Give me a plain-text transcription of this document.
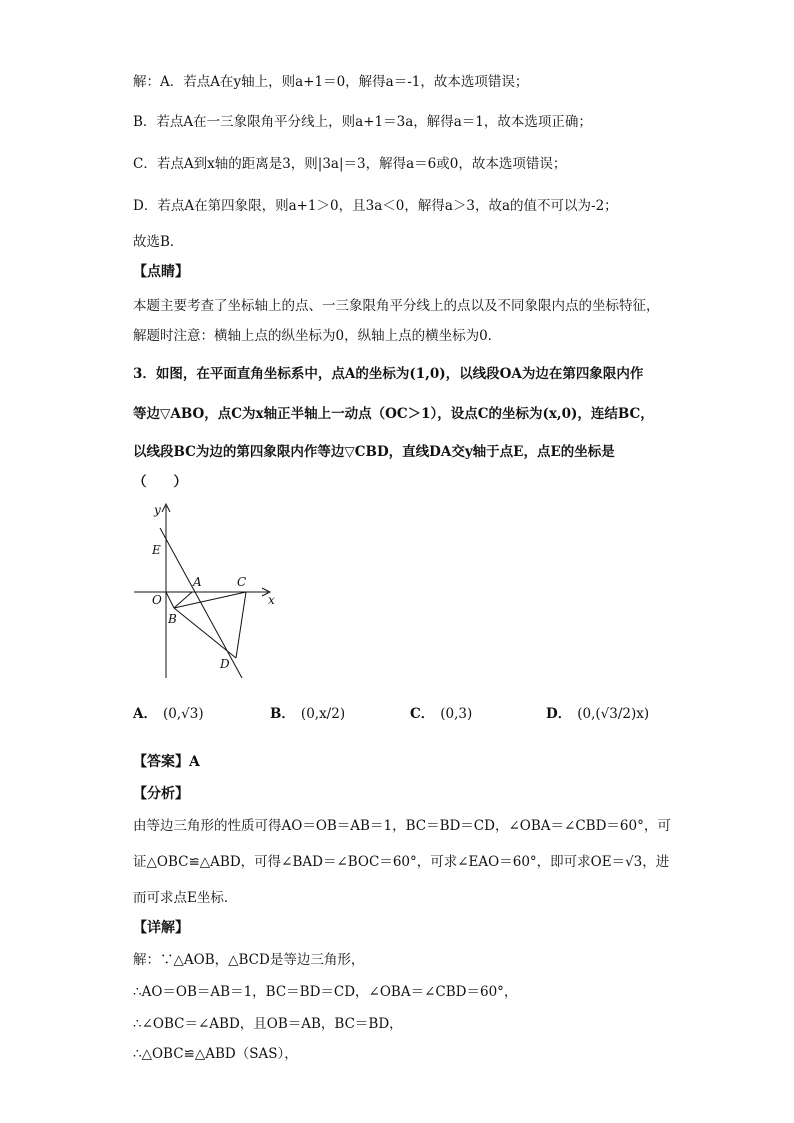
解：A．若点A在y轴上，则a+1＝0，解得a＝-1，故本选项错误；
B．若点A在一三象限角平分线上，则a+1＝3a，解得a＝1，故本选项正确；
C．若点A到x轴的距离是3，则|3a|＝3，解得a＝6或0，故本选项错误；
D．若点A在第四象限，则a+1＞0，且3a＜0，解得a＞3，故a的值不可以为-2；
故选B．
【点睛】
本题主要考查了坐标轴上的点、一三象限角平分线上的点以及不同象限内点的坐标特征，
解题时注意：横轴上点的纵坐标为0，纵轴上点的横坐标为0．
3．如图，在平面直角坐标系中，点A的坐标为(1,0)，以线段OA为边在第四象限内作
等边▽ABO，点C为x轴正半轴上一动点（OC＞1），设点C的坐标为(x,0)，连结BC，
以线段BC为边的第四象限内作等边▽CBD，直线DA交y轴于点E，点E的坐标是
（　　）
y
x
E
A	C
O
B
D
A． (0,√3)	B． (0,x/2)	C． (0,3)	D． (0,(√3/2)x)
【答案】A
【分析】
由等边三角形的性质可得AO＝OB＝AB＝1，BC＝BD＝CD，∠OBA＝∠CBD＝60°，可
证△OBC≌△ABD，可得∠BAD＝∠BOC＝60°，可求∠EAO＝60°，即可求OE＝√3，进
而可求点E坐标．
【详解】
解：∵△AOB，△BCD是等边三角形，
∴AO＝OB＝AB＝1，BC＝BD＝CD，∠OBA＝∠CBD＝60°，
∴∠OBC＝∠ABD，且OB＝AB，BC＝BD，
∴△OBC≌△ABD（SAS），
